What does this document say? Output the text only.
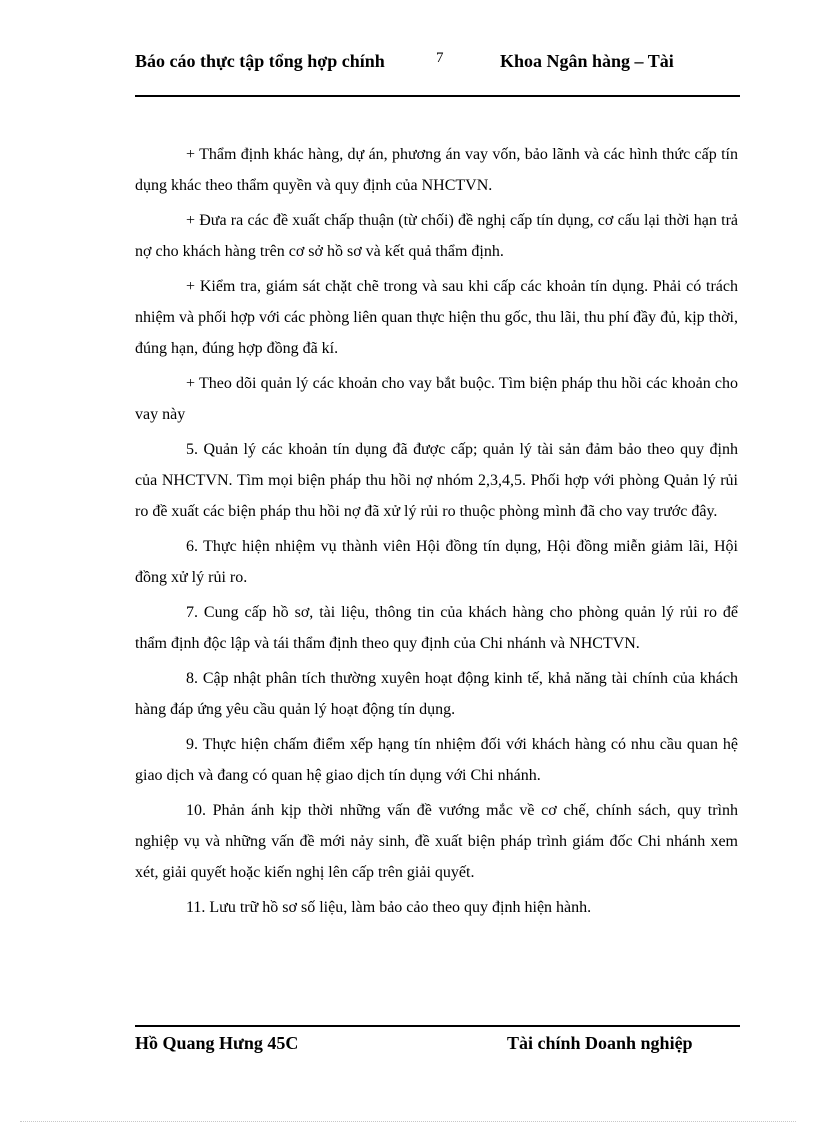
Báo cáo thực tập tổng hợp chính	7	Khoa Ngân hàng – Tài

+ Thẩm định khác hàng, dự án, phương án vay vốn, bảo lãnh và các hình thức cấp tín dụng khác theo thẩm quyền và quy định của NHCTVN.

+ Đưa ra các đề xuất chấp thuận (từ chối) đề nghị cấp tín dụng, cơ cấu lại thời hạn trả nợ cho khách hàng trên cơ sở hồ sơ và kết quả thẩm định.

+ Kiểm tra, giám sát chặt chẽ trong và sau khi cấp các khoản tín dụng. Phải có trách nhiệm và phối hợp với các phòng liên quan thực hiện thu gốc, thu lãi, thu phí đầy đủ, kịp thời, đúng hạn, đúng hợp đồng đã kí.

+ Theo dõi quản lý các khoản cho vay bắt buộc. Tìm biện pháp thu hồi các khoản cho vay này

5. Quản lý các khoản tín dụng đã được cấp; quản lý tài sản đảm bảo theo quy định của NHCTVN. Tìm mọi biện pháp thu hồi nợ nhóm 2,3,4,5. Phối hợp với phòng Quản lý rủi ro đề xuất các biện pháp thu hồi nợ đã xử lý rủi ro thuộc phòng mình đã cho vay trước đây.

6. Thực hiện nhiệm vụ thành viên Hội đồng tín dụng, Hội đồng miễn giảm lãi, Hội đồng xử lý rủi ro.

7. Cung cấp hồ sơ, tài liệu, thông tin của khách hàng cho phòng quản lý rủi ro để thẩm định độc lập và tái thẩm định theo quy định của Chi nhánh và NHCTVN.

8. Cập nhật phân tích thường xuyên hoạt động kinh tế, khả năng tài chính của khách hàng đáp ứng yêu cầu quản lý hoạt động tín dụng.

9. Thực hiện chấm điểm xếp hạng tín nhiệm đối với khách hàng có nhu cầu quan hệ giao dịch và đang có quan hệ giao dịch tín dụng với Chi nhánh.

10. Phản ánh kịp thời những vấn đề vướng mắc về cơ chế, chính sách, quy trình nghiệp vụ và những vấn đề mới nảy sinh, đề xuất biện pháp trình giám đốc Chi nhánh xem xét, giải quyết hoặc kiến nghị lên cấp trên giải quyết.

11. Lưu trữ hồ sơ số liệu, làm bảo cảo theo quy định hiện hành.

Hồ Quang Hưng 45C	Tài chính Doanh nghiệp
